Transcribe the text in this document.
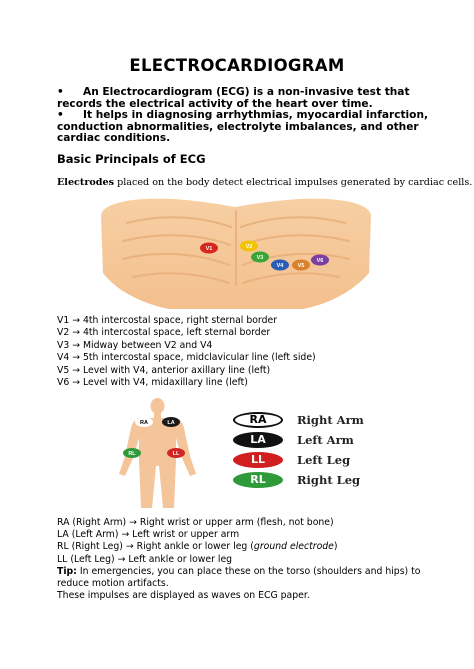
ELECTROCARDIOGRAM
• An Electrocardiogram (ECG) is a non-invasive test that records the electrical activity of the heart over time.
• It helps in diagnosing arrhythmias, myocardial infarction, conduction abnormalities, electrolyte imbalances, and other cardiac conditions.
Basic Principals of ECG
Electrodes placed on the body detect electrical impulses generated by cardiac cells.
V1	V2
V3
V4	V5
V6
V1 → 4th intercostal space, right sternal border
V2 → 4th intercostal space, left sternal border
V3 → Midway between V2 and V4
V4 → 5th intercostal space, midclavicular line (left side)
V5 → Level with V4, anterior axillary line (left)
V6 → Level with V4, midaxillary line (left)
RA	LA
RL	LL
RA	Right Arm
LA	Left Arm
LL	Left Leg
RL	Right Leg
RA (Right Arm) → Right wrist or upper arm (flesh, not bone)
LA (Left Arm) → Left wrist or upper arm
RL (Right Leg) → Right ankle or lower leg (ground electrode)
LL (Left Leg) → Left ankle or lower leg
Tip: In emergencies, you can place these on the torso (shoulders and hips) to reduce motion artifacts.
These impulses are displayed as waves on ECG paper.
